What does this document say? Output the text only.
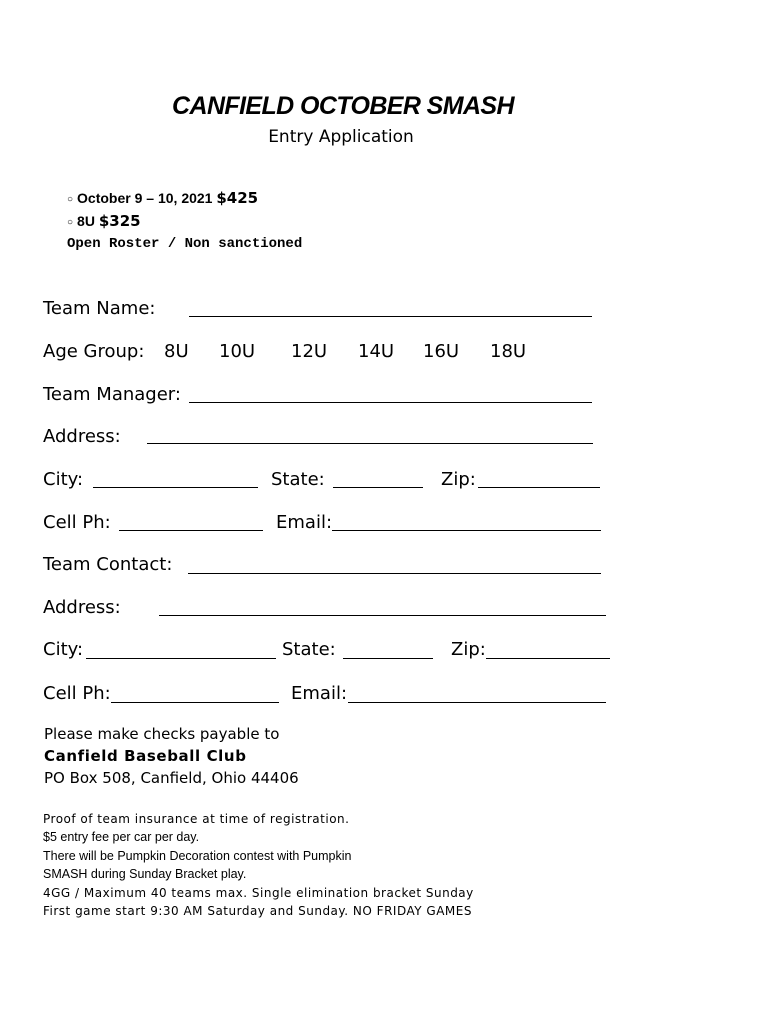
CANFIELD OCTOBER SMASH
Entry Application
○ October 9 – 10, 2021 $425
○ 8U $325
Open Roster / Non sanctioned
Team Name:
Age Group: 8U 10U 12U 14U 16U 18U
Team Manager:
Address:
City:	State:	Zip:
Cell Ph:	Email:
Team Contact:
Address:
City:	State:	Zip:
Cell Ph:	Email:
Please make checks payable to
Canfield Baseball Club
PO Box 508, Canfield, Ohio 44406
Proof of team insurance at time of registration.
$5 entry fee per car per day.
There will be Pumpkin Decoration contest with Pumpkin
SMASH during Sunday Bracket play.
4GG / Maximum 40 teams max. Single elimination bracket Sunday
First game start 9:30 AM Saturday and Sunday. NO FRIDAY GAMES
